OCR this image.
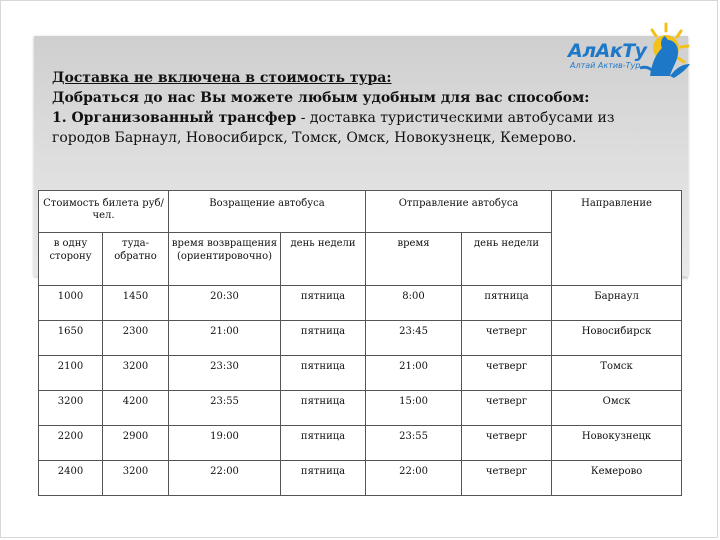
АлАкТу
Алтай Актив-Тур
Доставка не включена в стоимость тура:
Добраться до нас Вы можете любым удобным для вас способом:
1. Организованный трансфер - доставка туристическими автобусами из
городов Барнаул, Новосибирск, Томск, Омск, Новокузнецк, Кемерово.
Стоимость билета руб/чел.		Возращение автобуса		Отправление автобуса		Направление
в одну сторону	туда-обратно	время возвращения (ориентировочно)	день недели	время	день недели	
1000	1450	20:30	пятница	8:00	пятница	Барнаул
1650	2300	21:00	пятница	23:45	четверг	Новосибирск
2100	3200	23:30	пятница	21:00	четверг	Томск
3200	4200	23:55	пятница	15:00	четверг	Омск
2200	2900	19:00	пятница	23:55	четверг	Новокузнецк
2400	3200	22:00	пятница	22:00	четверг	Кемерово
